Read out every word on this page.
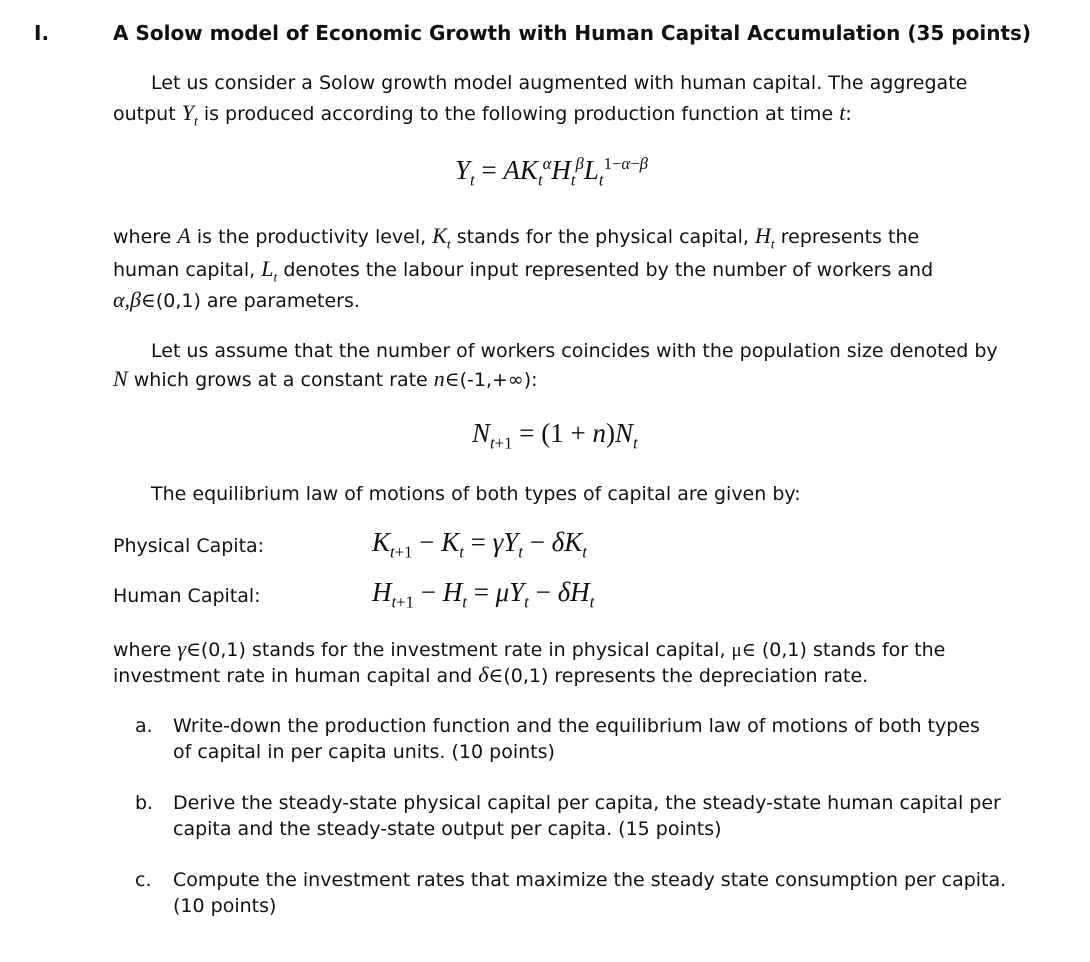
I.	A Solow model of Economic Growth with Human Capital Accumulation (35 points)
Let us consider a Solow growth model augmented with human capital. The aggregate
output $Y_t$ is produced according to the following production function at time t:
$Y_t = AK_t^\alpha H_t^\beta L_t^{1-\alpha-\beta}$
where A is the productivity level, $K_t$ stands for the physical capital, $H_t$ represents the
human capital, $L_t$ denotes the labour input represented by the number of workers and
α,β∈(0,1) are parameters.
Let us assume that the number of workers coincides with the population size denoted by
N which grows at a constant rate n∈(-1,+∞):
$N_{t+1} = (1 + n)N_t$
The equilibrium law of motions of both types of capital are given by:
Physical Capita:	$K_{t+1} - K_t = \gamma Y_t - \delta K_t$
Human Capital:	$H_{t+1} - H_t = \mu Y_t - \delta H_t$
where γ∈(0,1) stands for the investment rate in physical capital, μ∈ (0,1) stands for the
investment rate in human capital and δ∈(0,1) represents the depreciation rate.
a. Write-down the production function and the equilibrium law of motions of both types
of capital in per capita units. (10 points)
b. Derive the steady-state physical capital per capita, the steady-state human capital per
capita and the steady-state output per capita. (15 points)
c. Compute the investment rates that maximize the steady state consumption per capita.
(10 points)
